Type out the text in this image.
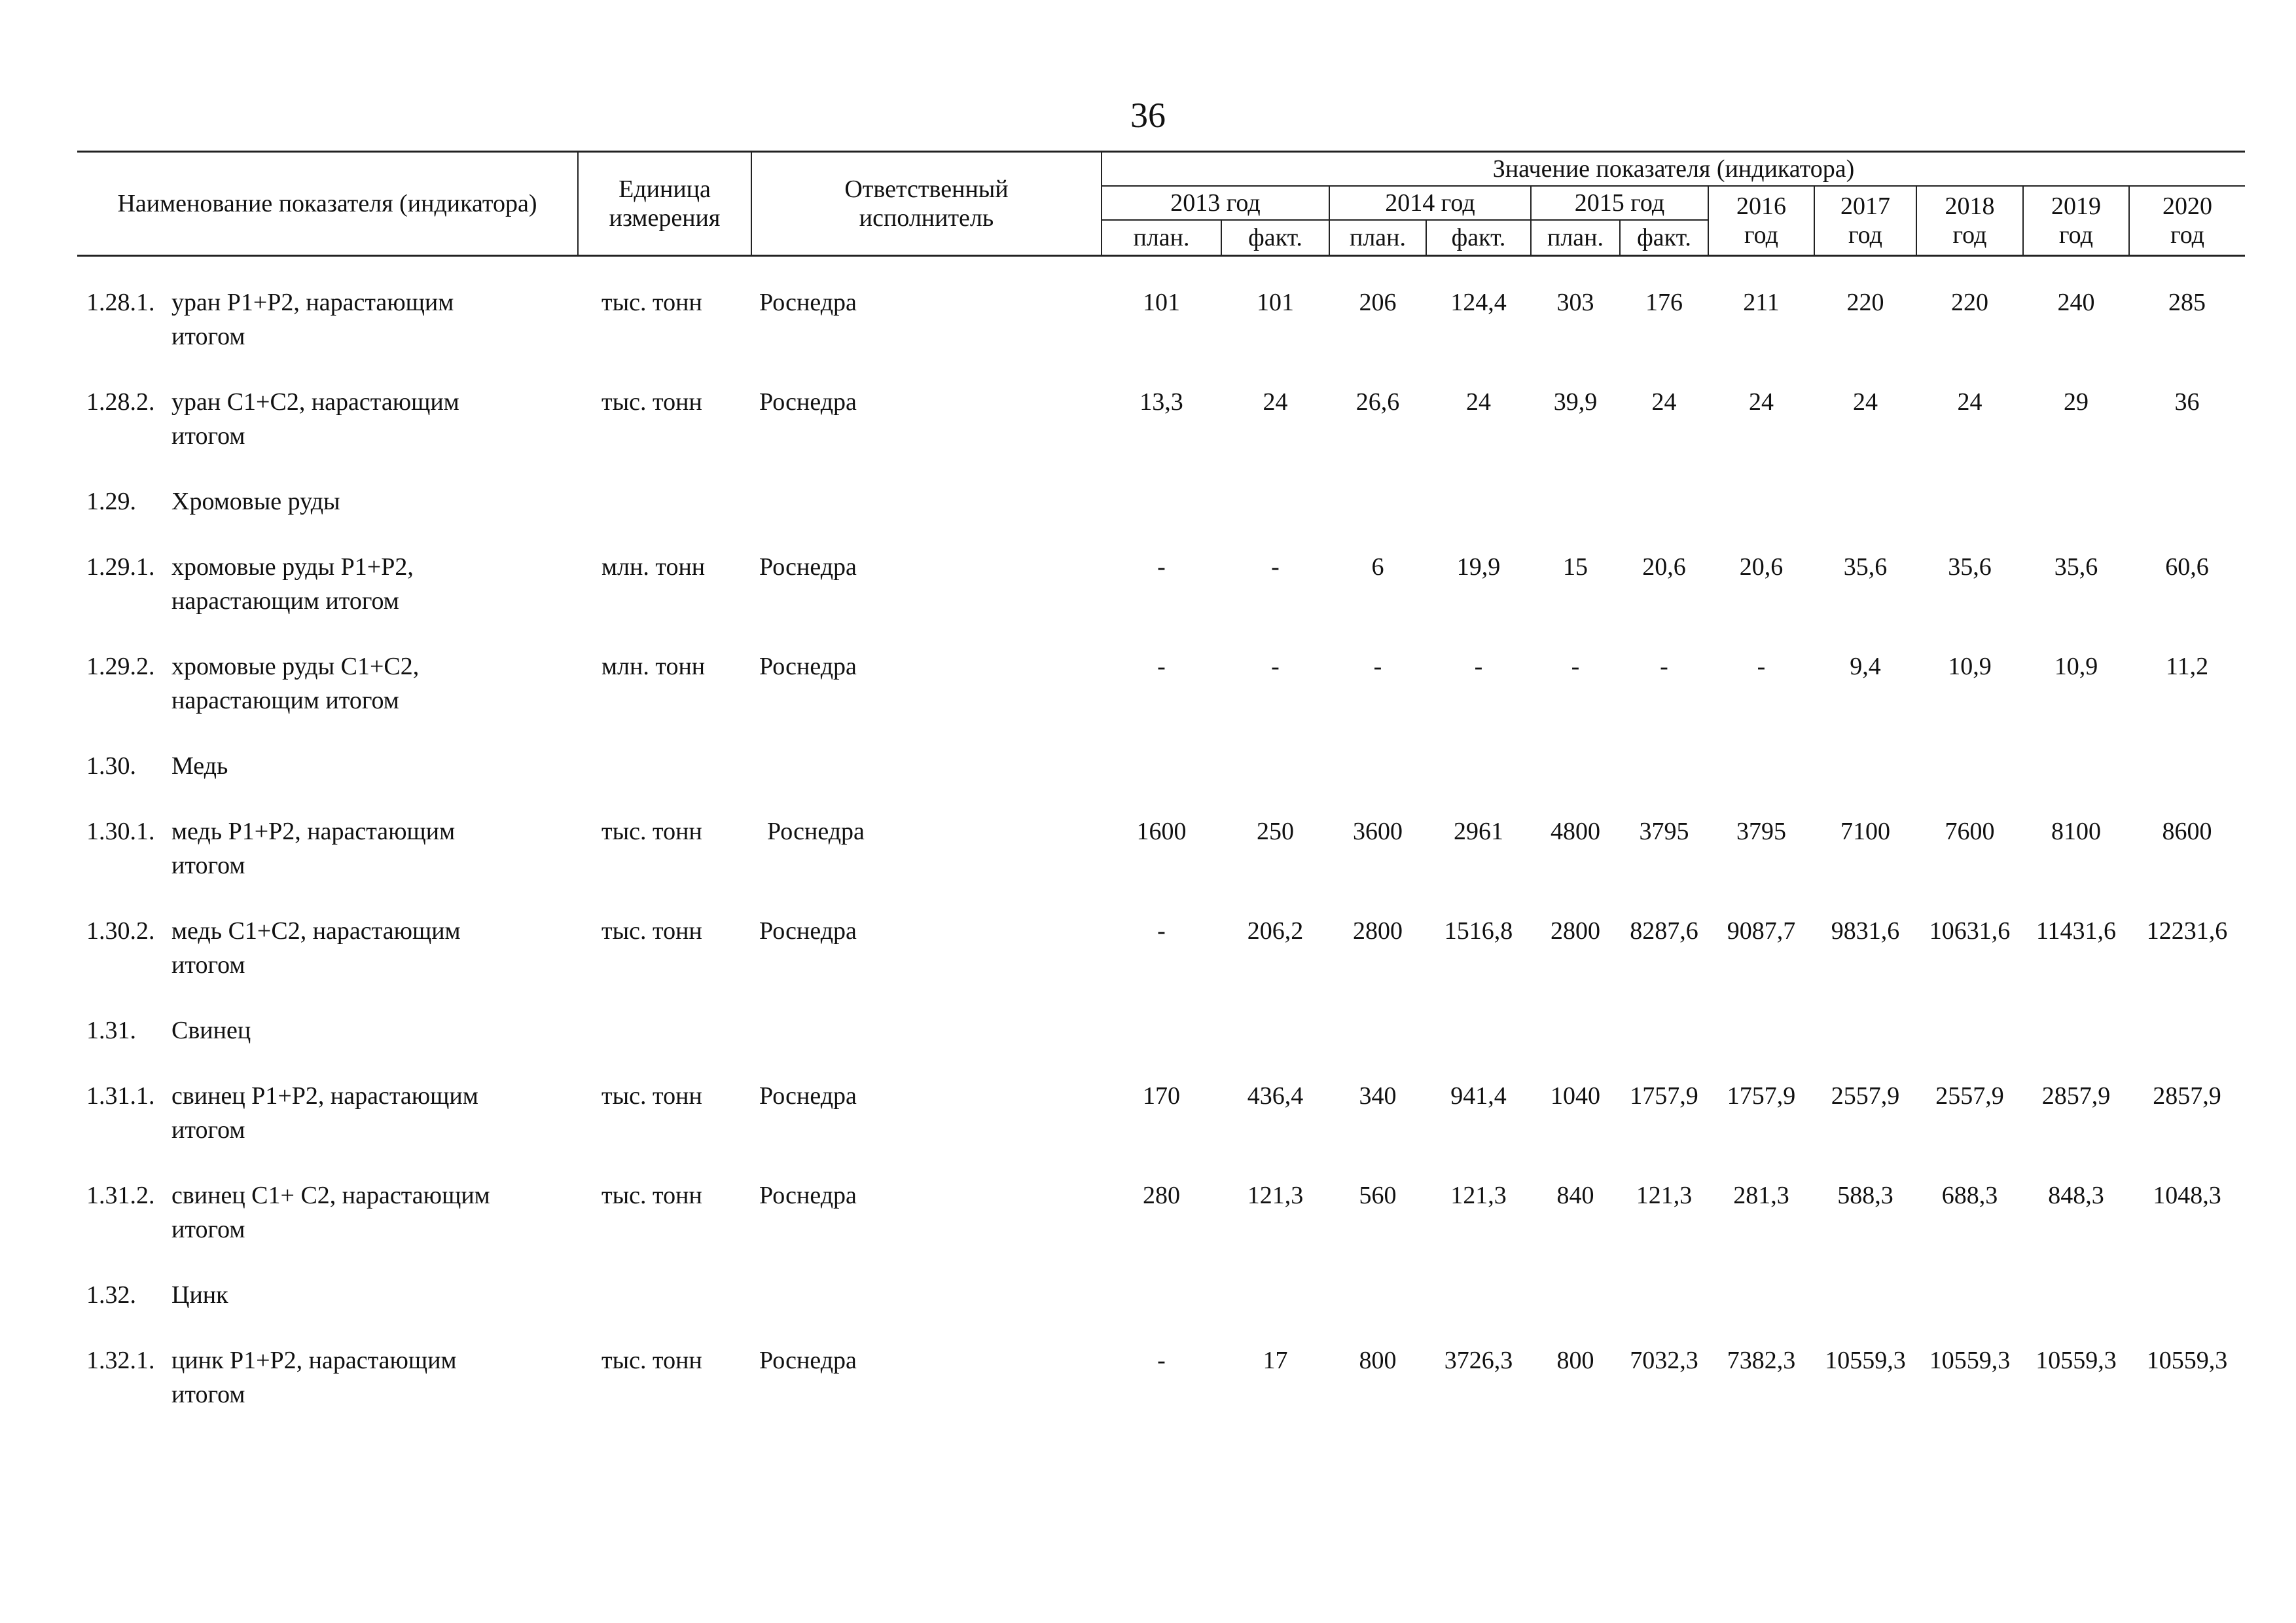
36
Наименование показателя (индикатора)		Единица
измерения	Ответственный
исполнитель	Значение показателя (индикатора)										
				2013 год		2014 год		2015 год		2016
год	2017
год	2018
год	2019
год	2020
год
				план.	факт.	план.	факт.	план.	факт.					

1.28.1.	уран Р1+Р2, нарастающим
итогом	тыс. тонн	Роснедра	101	101	206	124,4	303	176	211	220	220	240	285
1.28.2.	уран С1+С2, нарастающим
итогом	тыс. тонн	Роснедра	13,3	24	26,6	24	39,9	24	24	24	24	29	36
1.29.	Хромовые руды													
1.29.1.	хромовые руды Р1+Р2,
нарастающим итогом	млн. тонн	Роснедра	-	-	6	19,9	15	20,6	20,6	35,6	35,6	35,6	60,6
1.29.2.	хромовые руды С1+С2,
нарастающим итогом	млн. тонн	Роснедра	-	-	-	-	-	-	-	9,4	10,9	10,9	11,2
1.30.	Медь													
1.30.1.	медь Р1+Р2, нарастающим
итогом	тыс. тонн	Роснедра	1600	250	3600	2961	4800	3795	3795	7100	7600	8100	8600
1.30.2.	медь С1+С2, нарастающим
итогом	тыс. тонн	Роснедра	-	206,2	2800	1516,8	2800	8287,6	9087,7	9831,6	10631,6	11431,6	12231,6
1.31.	Свинец													
1.31.1.	свинец Р1+Р2, нарастающим
итогом	тыс. тонн	Роснедра	170	436,4	340	941,4	1040	1757,9	1757,9	2557,9	2557,9	2857,9	2857,9
1.31.2.	свинец С1+ С2, нарастающим
итогом	тыс. тонн	Роснедра	280	121,3	560	121,3	840	121,3	281,3	588,3	688,3	848,3	1048,3
1.32.	Цинк													
1.32.1.	цинк Р1+Р2, нарастающим
итогом	тыс. тонн	Роснедра	-	17	800	3726,3	800	7032,3	7382,3	10559,3	10559,3	10559,3	10559,3
